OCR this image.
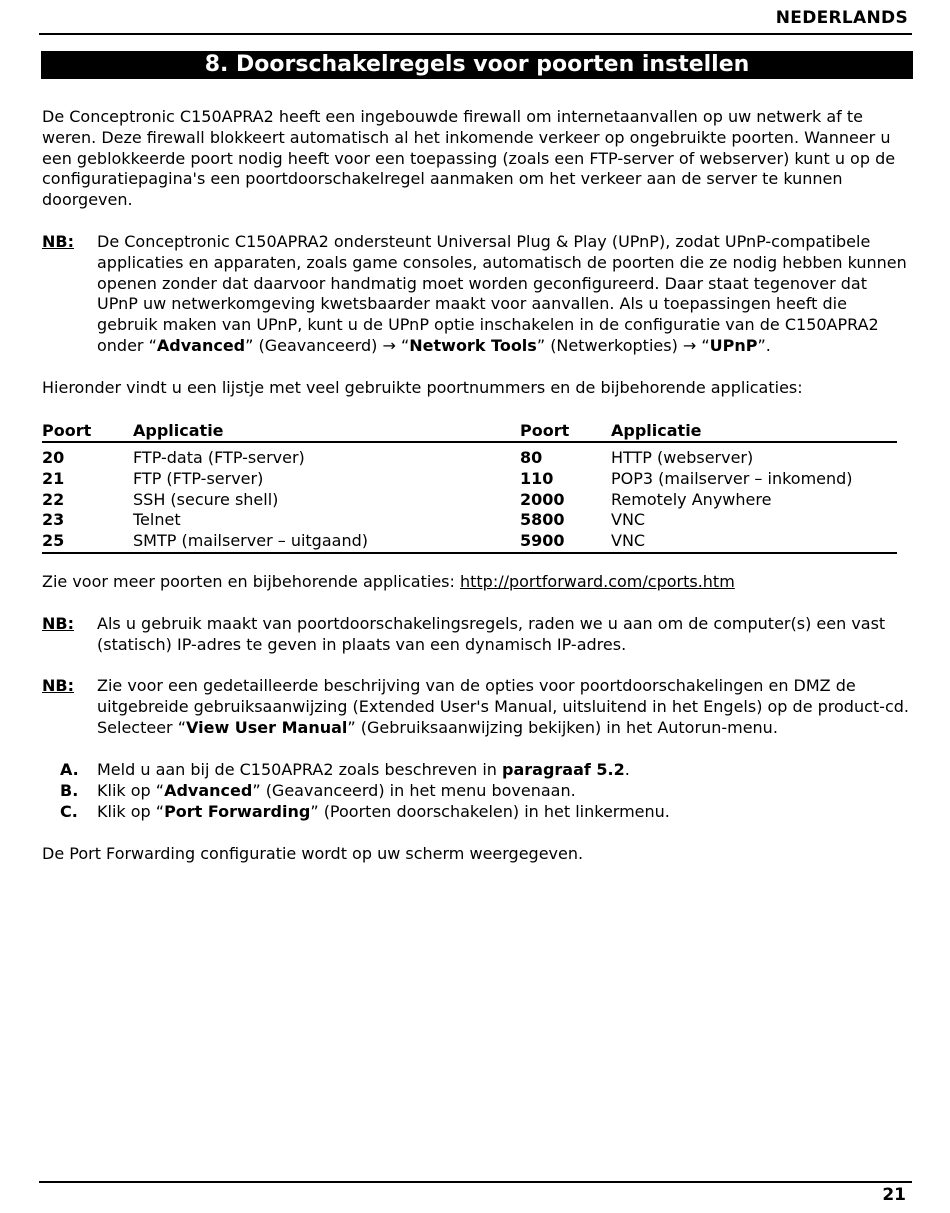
NEDERLANDS
8. Doorschakelregels voor poorten instellen

De Conceptronic C150APRA2 heeft een ingebouwde firewall om internetaanvallen op uw netwerk af te weren. Deze firewall blokkeert automatisch al het inkomende verkeer op ongebruikte poorten. Wanneer u een geblokkeerde poort nodig heeft voor een toepassing (zoals een FTP-server of webserver) kunt u op de configuratiepagina's een poortdoorschakelregel aanmaken om het verkeer aan de server te kunnen doorgeven.

NB:	De Conceptronic C150APRA2 ondersteunt Universal Plug & Play (UPnP), zodat UPnP-compatibele applicaties en apparaten, zoals game consoles, automatisch de poorten die ze nodig hebben kunnen openen zonder dat daarvoor handmatig moet worden geconfigureerd. Daar staat tegenover dat UPnP uw netwerkomgeving kwetsbaarder maakt voor aanvallen. Als u toepassingen heeft die gebruik maken van UPnP, kunt u de UPnP optie inschakelen in de configuratie van de C150APRA2 onder “Advanced” (Geavanceerd) → “Network Tools” (Netwerkopties) → “UPnP”.

Hieronder vindt u een lijstje met veel gebruikte poortnummers en de bijbehorende applicaties:

Poort	Applicatie	Poort	Applicatie
20	FTP-data (FTP-server)	80	HTTP (webserver)
21	FTP (FTP-server)	110	POP3 (mailserver – inkomend)
22	SSH (secure shell)	2000	Remotely Anywhere
23	Telnet	5800	VNC
25	SMTP (mailserver – uitgaand)	5900	VNC

Zie voor meer poorten en bijbehorende applicaties: http://portforward.com/cports.htm

NB:	Als u gebruik maakt van poortdoorschakelingsregels, raden we u aan om de computer(s) een vast (statisch) IP-adres te geven in plaats van een dynamisch IP-adres.

NB:	Zie voor een gedetailleerde beschrijving van de opties voor poortdoorschakelingen en DMZ de uitgebreide gebruiksaanwijzing (Extended User's Manual, uitsluitend in het Engels) op de product-cd. Selecteer “View User Manual” (Gebruiksaanwijzing bekijken) in het Autorun-menu.

A. Meld u aan bij de C150APRA2 zoals beschreven in paragraaf 5.2.
B. Klik op “Advanced” (Geavanceerd) in het menu bovenaan.
C. Klik op “Port Forwarding” (Poorten doorschakelen) in het linkermenu.

De Port Forwarding configuratie wordt op uw scherm weergegeven.

21
